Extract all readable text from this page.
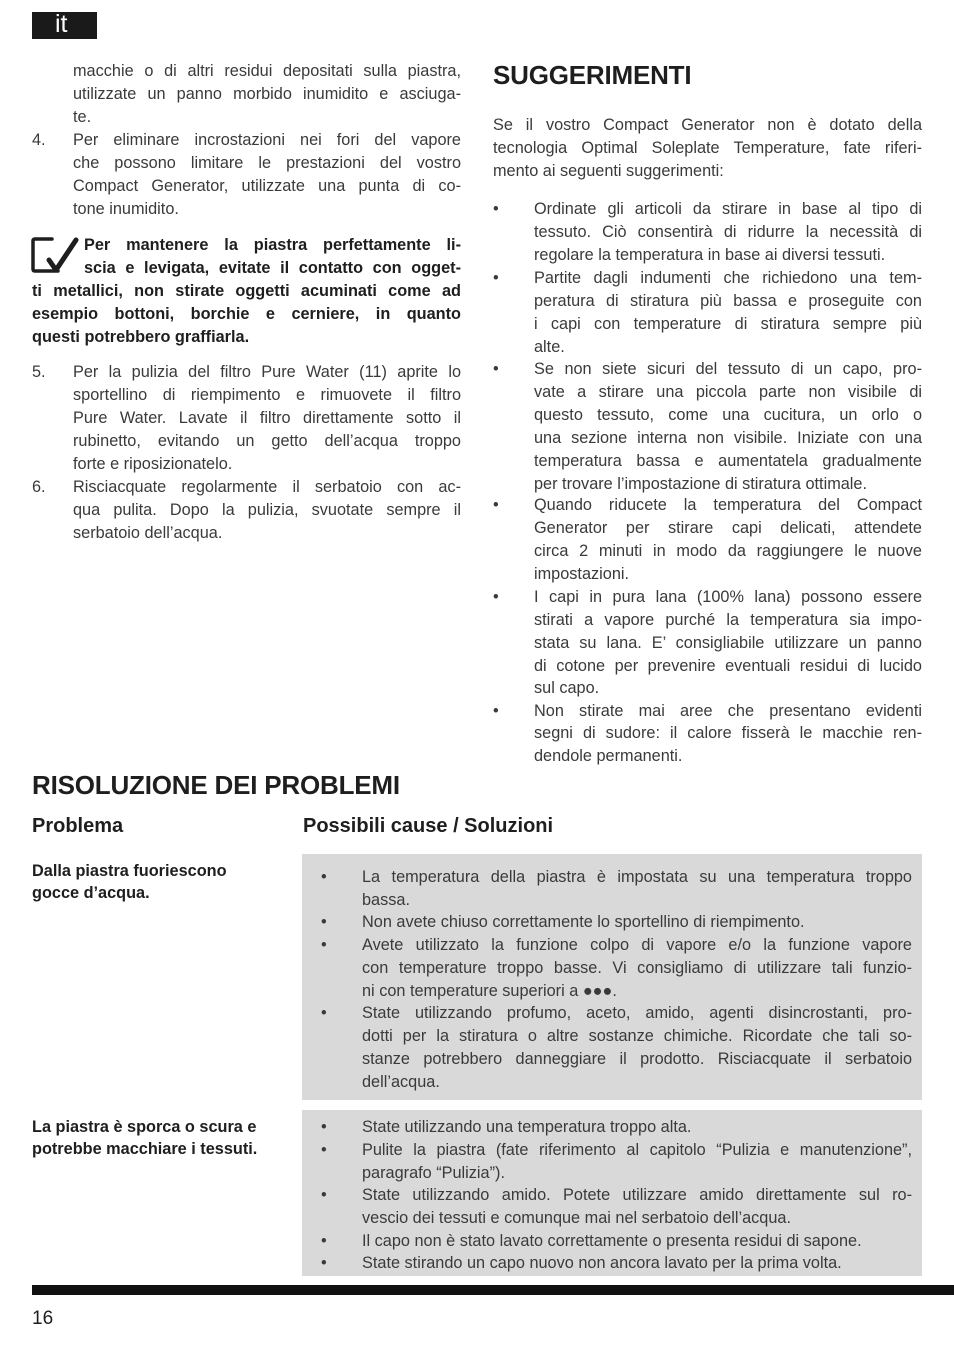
it
macchie o di altri residui depositati sulla piastra,
utilizzate un panno morbido inumidito e asciuga-
te.
4. Per eliminare incrostazioni nei fori del vapore
che possono limitare le prestazioni del vostro
Compact Generator, utilizzate una punta di co-
tone inumidito.
Per mantenere la piastra perfettamente li-
scia e levigata, evitate il contatto con ogget-
ti metallici, non stirate oggetti acuminati come ad
esempio bottoni, borchie e cerniere, in quanto
questi potrebbero graffiarla.
5. Per la pulizia del filtro Pure Water (11) aprite lo
sportellino di riempimento e rimuovete il filtro
Pure Water. Lavate il filtro direttamente sotto il
rubinetto, evitando un getto dell’acqua troppo
forte e riposizionatelo.
6. Risciacquate regolarmente il serbatoio con ac-
qua pulita. Dopo la pulizia, svuotate sempre il
serbatoio dell’acqua.
SUGGERIMENTI
Se il vostro Compact Generator non è dotato della
tecnologia Optimal Soleplate Temperature, fate riferi-
mento ai seguenti suggerimenti:
• Ordinate gli articoli da stirare in base al tipo di
tessuto. Ciò consentirà di ridurre la necessità di
regolare la temperatura in base ai diversi tessuti.
• Partite dagli indumenti che richiedono una tem-
peratura di stiratura più bassa e proseguite con
i capi con temperature di stiratura sempre più
alte.
• Se non siete sicuri del tessuto di un capo, pro-
vate a stirare una piccola parte non visibile di
questo tessuto, come una cucitura, un orlo o
una sezione interna non visibile. Iniziate con una
temperatura bassa e aumentatela gradualmente
per trovare l’impostazione di stiratura ottimale.
• Quando riducete la temperatura del Compact
Generator per stirare capi delicati, attendete
circa 2 minuti in modo da raggiungere le nuove
impostazioni.
• I capi in pura lana (100% lana) possono essere
stirati a vapore purché la temperatura sia impo-
stata su lana. E’ consigliabile utilizzare un panno
di cotone per prevenire eventuali residui di lucido
sul capo.
• Non stirate mai aree che presentano evidenti
segni di sudore: il calore fisserà le macchie ren-
dendole permanenti.
RISOLUZIONE DEI PROBLEMI
Problema	Possibili cause / Soluzioni
Dalla piastra fuoriescono
gocce d’acqua.
• La temperatura della piastra è impostata su una temperatura troppo
bassa.
• Non avete chiuso correttamente lo sportellino di riempimento.
• Avete utilizzato la funzione colpo di vapore e/o la funzione vapore
con temperature troppo basse. Vi consigliamo di utilizzare tali funzio-
ni con temperature superiori a ●●●.
• State utilizzando profumo, aceto, amido, agenti disincrostanti, pro-
dotti per la stiratura o altre sostanze chimiche. Ricordate che tali so-
stanze potrebbero danneggiare il prodotto. Risciacquate il serbatoio
dell’acqua.
La piastra è sporca o scura e
potrebbe macchiare i tessuti.
• State utilizzando una temperatura troppo alta.
• Pulite la piastra (fate riferimento al capitolo “Pulizia e manutenzione”,
paragrafo “Pulizia”).
• State utilizzando amido. Potete utilizzare amido direttamente sul ro-
vescio dei tessuti e comunque mai nel serbatoio dell’acqua.
• Il capo non è stato lavato correttamente o presenta residui di sapone.
• State stirando un capo nuovo non ancora lavato per la prima volta.
16
